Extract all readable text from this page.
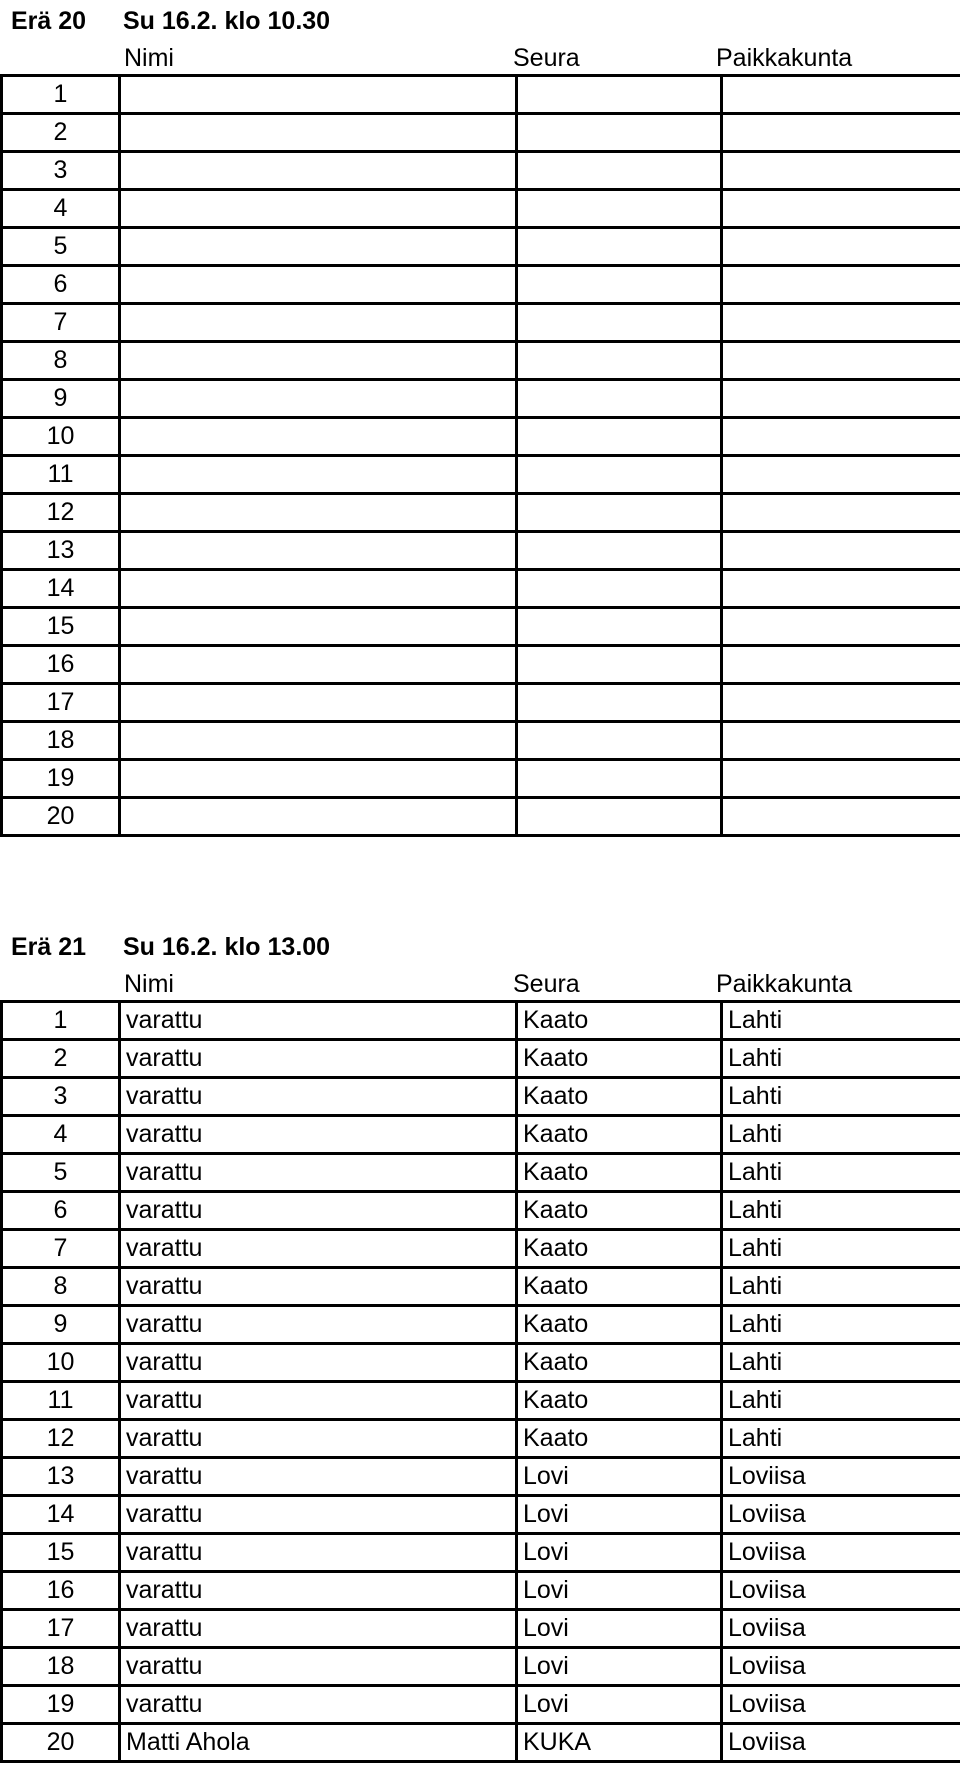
Erä 20 Su 16.2. klo 10.30
Nimi	Seura	Paikkakunta
1			
2			
3			
4			
5			
6			
7			
8			
9			
10			
11			
12			
13			
14			
15			
16			
17			
18			
19			
20			
Erä 21 Su 16.2. klo 13.00
Nimi	Seura	Paikkakunta
1	varattu	Kaato	Lahti
2	varattu	Kaato	Lahti
3	varattu	Kaato	Lahti
4	varattu	Kaato	Lahti
5	varattu	Kaato	Lahti
6	varattu	Kaato	Lahti
7	varattu	Kaato	Lahti
8	varattu	Kaato	Lahti
9	varattu	Kaato	Lahti
10	varattu	Kaato	Lahti
11	varattu	Kaato	Lahti
12	varattu	Kaato	Lahti
13	varattu	Lovi	Loviisa
14	varattu	Lovi	Loviisa
15	varattu	Lovi	Loviisa
16	varattu	Lovi	Loviisa
17	varattu	Lovi	Loviisa
18	varattu	Lovi	Loviisa
19	varattu	Lovi	Loviisa
20	Matti Ahola	KUKA	Loviisa
